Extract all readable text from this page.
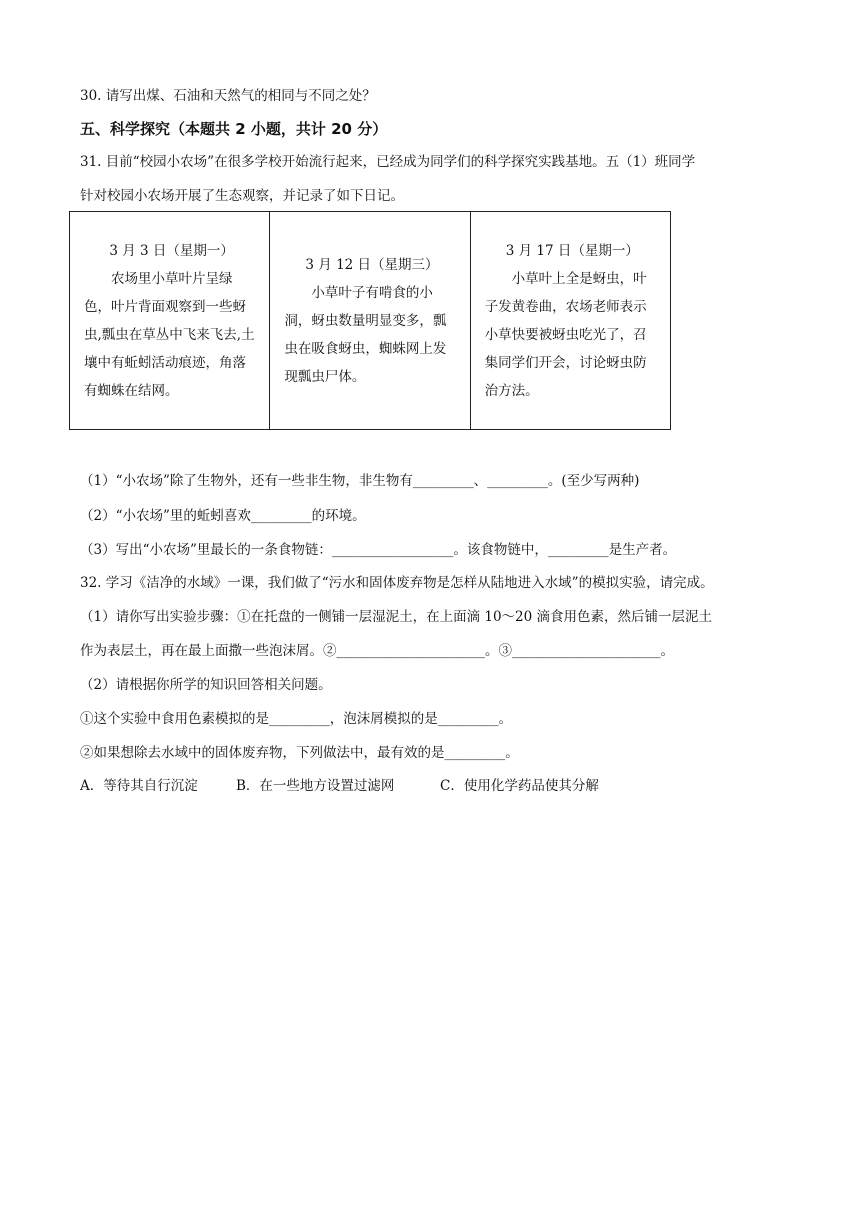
30. 请写出煤、石油和天然气的相同与不同之处？
五、科学探究（本题共 2 小题，共计 20 分）
31. 目前“校园小农场”在很多学校开始流行起来，已经成为同学们的科学探究实践基地。五（1）班同学
针对校园小农场开展了生态观察，并记录了如下日记。
3 月 3 日（星期一）
农场里小草叶片呈绿色，叶片背面观察到一些蚜虫,瓢虫在草丛中飞来飞去,土壤中有蚯蚓活动痕迹，角落有蜘蛛在结网。

3 月 12 日（星期三）
小草叶子有啃食的小洞，蚜虫数量明显变多，瓢虫在吸食蚜虫，蜘蛛网上发现瓢虫尸体。

3 月 17 日（星期一）
小草叶上全是蚜虫，叶子发黄卷曲，农场老师表示小草快要被蚜虫吃光了，召集同学们开会，讨论蚜虫防治方法。
（1）“小农场”除了生物外，还有一些非生物，非生物有_________、_________。(至少写两种)
（2）“小农场”里的蚯蚓喜欢_________的环境。
（3）写出“小农场”里最长的一条食物链：__________________。该食物链中，_________是生产者。
32. 学习《洁净的水域》一课，我们做了“污水和固体废弃物是怎样从陆地进入水域”的模拟实验，请完成。
（1）请你写出实验步骤：①在托盘的一侧铺一层湿泥土，在上面滴 10～20 滴食用色素，然后铺一层泥土
作为表层土，再在最上面撒一些泡沫屑。②______________________。③______________________。
（2）请根据你所学的知识回答相关问题。
①这个实验中食用色素模拟的是_________，泡沫屑模拟的是_________。
②如果想除去水域中的固体废弃物，下列做法中，最有效的是_________。
A．等待其自行沉淀	B．在一些地方设置过滤网	C．使用化学药品使其分解
